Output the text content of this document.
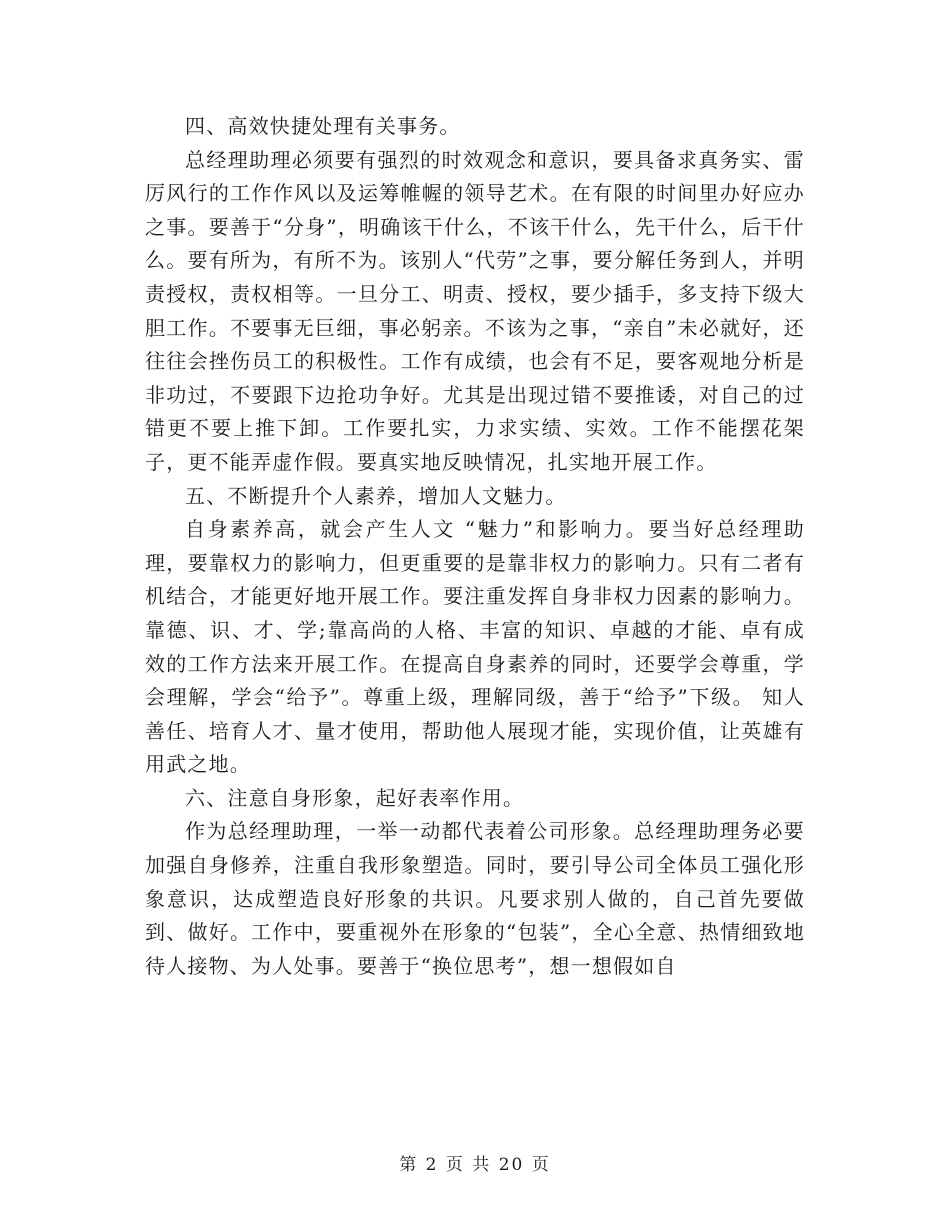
四、高效快捷处理有关事务。

总经理助理必须要有强烈的时效观念和意识，要具备求真务实、雷厉风行的工作作风以及运筹帷幄的领导艺术。在有限的时间里办好应办之事。要善于“分身”，明确该干什么，不该干什么，先干什么，后干什么。要有所为，有所不为。该别人“代劳”之事，要分解任务到人，并明责授权，责权相等。一旦分工、明责、授权，要少插手，多支持下级大胆工作。不要事无巨细，事必躬亲。不该为之事，“亲自”未必就好，还往往会挫伤员工的积极性。工作有成绩，也会有不足，要客观地分析是非功过，不要跟下边抢功争好。尤其是出现过错不要推诿，对自己的过错更不要上推下卸。工作要扎实，力求实绩、实效。工作不能摆花架子，更不能弄虚作假。要真实地反映情况，扎实地开展工作。

五、不断提升个人素养，增加人文魅力。

自身素养高，就会产生人文 “魅力”和影响力。要当好总经理助理，要靠权力的影响力，但更重要的是靠非权力的影响力。只有二者有机结合，才能更好地开展工作。要注重发挥自身非权力因素的影响力。靠德、识、才、学;靠高尚的人格、丰富的知识、卓越的才能、卓有成效的工作方法来开展工作。在提高自身素养的同时，还要学会尊重，学会理解，学会“给予”。尊重上级，理解同级，善于“给予”下级。 知人善任、培育人才、量才使用，帮助他人展现才能，实现价值，让英雄有用武之地。

六、注意自身形象，起好表率作用。

作为总经理助理，一举一动都代表着公司形象。总经理助理务必要加强自身修养，注重自我形象塑造。同时，要引导公司全体员工强化形象意识，达成塑造良好形象的共识。凡要求别人做的，自己首先要做到、做好。工作中，要重视外在形象的“包装”，全心全意、热情细致地待人接物、为人处事。要善于“换位思考”，想一想假如自

第 2 页 共 20 页
